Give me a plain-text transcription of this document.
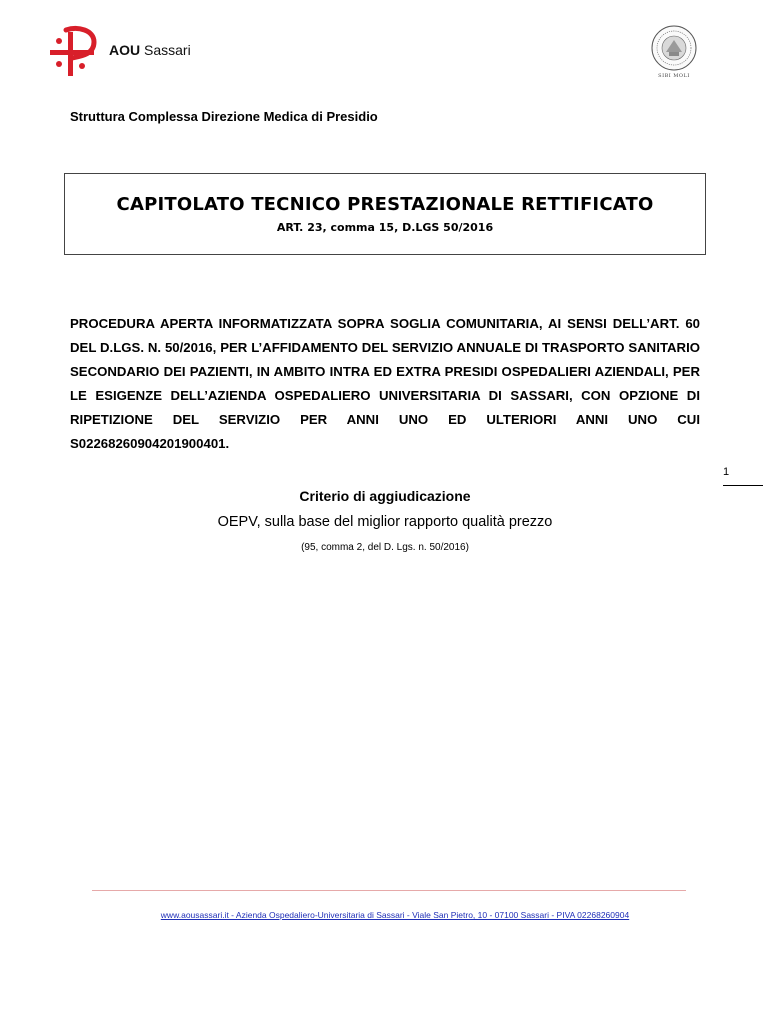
AOU Sassari
SIBI MOLI
Struttura Complessa Direzione Medica di Presidio
CAPITOLATO TECNICO PRESTAZIONALE RETTIFICATO
ART. 23, comma 15, D.LGS 50/2016
PROCEDURA APERTA INFORMATIZZATA SOPRA SOGLIA COMUNITARIA, AI SENSI DELL’ART. 60 DEL D.LGS. N. 50/2016, PER L’AFFIDAMENTO DEL SERVIZIO ANNUALE DI TRASPORTO SANITARIO SECONDARIO DEI PAZIENTI, IN AMBITO INTRA ED EXTRA PRESIDI OSPEDALIERI AZIENDALI, PER LE ESIGENZE DELL’AZIENDA OSPEDALIERO UNIVERSITARIA DI SASSARI, CON OPZIONE DI RIPETIZIONE DEL SERVIZIO PER ANNI UNO ED ULTERIORI ANNI UNO CUI S02268260904201900401.
1
Criterio di aggiudicazione
OEPV, sulla base del miglior rapporto qualità prezzo
(95, comma 2, del D. Lgs. n. 50/2016)
www.aousassari.it - Azienda Ospedaliero-Universitaria di Sassari - Viale San Pietro, 10 - 07100 Sassari - PIVA 02268260904
